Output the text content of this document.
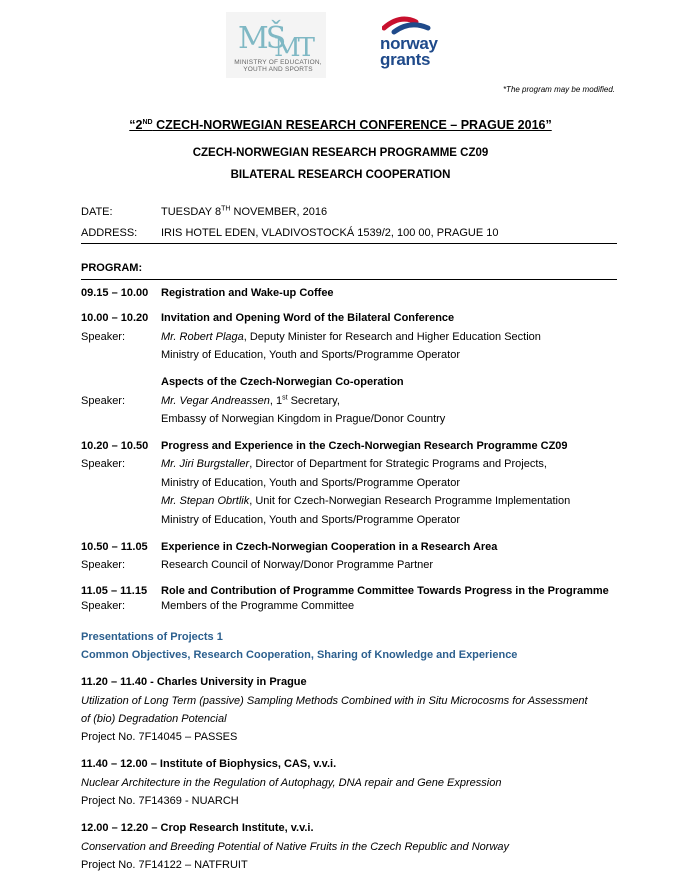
MŠ
MT
MINISTRY OF EDUCATION,
YOUTH AND SPORTS
norway
grants
*The program may be modified.
“2ND CZECH-NORWEGIAN RESEARCH CONFERENCE – PRAGUE 2016”
CZECH-NORWEGIAN RESEARCH PROGRAMME CZ09
BILATERAL RESEARCH COOPERATION
DATE:	TUESDAY 8TH NOVEMBER, 2016
ADDRESS: IRIS HOTEL EDEN, VLADIVOSTOCKÁ 1539/2, 100 00, PRAGUE 10
PROGRAM:
09.15 – 10.00 Registration and Wake-up Coffee
10.00 – 10.20 Invitation and Opening Word of the Bilateral Conference
Speaker:	Mr. Robert Plaga, Deputy Minister for Research and Higher Education Section
Ministry of Education, Youth and Sports/Programme Operator
Aspects of the Czech-Norwegian Co-operation
Speaker:	Mr. Vegar Andreassen, 1st Secretary,
Embassy of Norwegian Kingdom in Prague/Donor Country
10.20 – 10.50 Progress and Experience in the Czech-Norwegian Research Programme CZ09
Speaker:	Mr. Jiri Burgstaller, Director of Department for Strategic Programs and Projects,
Ministry of Education, Youth and Sports/Programme Operator
Mr. Stepan Obrtlik, Unit for Czech-Norwegian Research Programme Implementation
Ministry of Education, Youth and Sports/Programme Operator
10.50 – 11.05 Experience in Czech-Norwegian Cooperation in a Research Area
Speaker:	Research Council of Norway/Donor Programme Partner
11.05 – 11.15 Role and Contribution of Programme Committee Towards Progress in the Programme
Speaker:	Members of the Programme Committee
Presentations of Projects 1
Common Objectives, Research Cooperation, Sharing of Knowledge and Experience
11.20 – 11.40 - Charles University in Prague
Utilization of Long Term (passive) Sampling Methods Combined with in Situ Microcosms for Assessment
of (bio) Degradation Potencial
Project No. 7F14045 – PASSES
11.40 – 12.00 – Institute of Biophysics, CAS, v.v.i.
Nuclear Architecture in the Regulation of Autophagy, DNA repair and Gene Expression
Project No. 7F14369 - NUARCH
12.00 – 12.20 – Crop Research Institute, v.v.i.
Conservation and Breeding Potential of Native Fruits in the Czech Republic and Norway
Project No. 7F14122 – NATFRUIT
